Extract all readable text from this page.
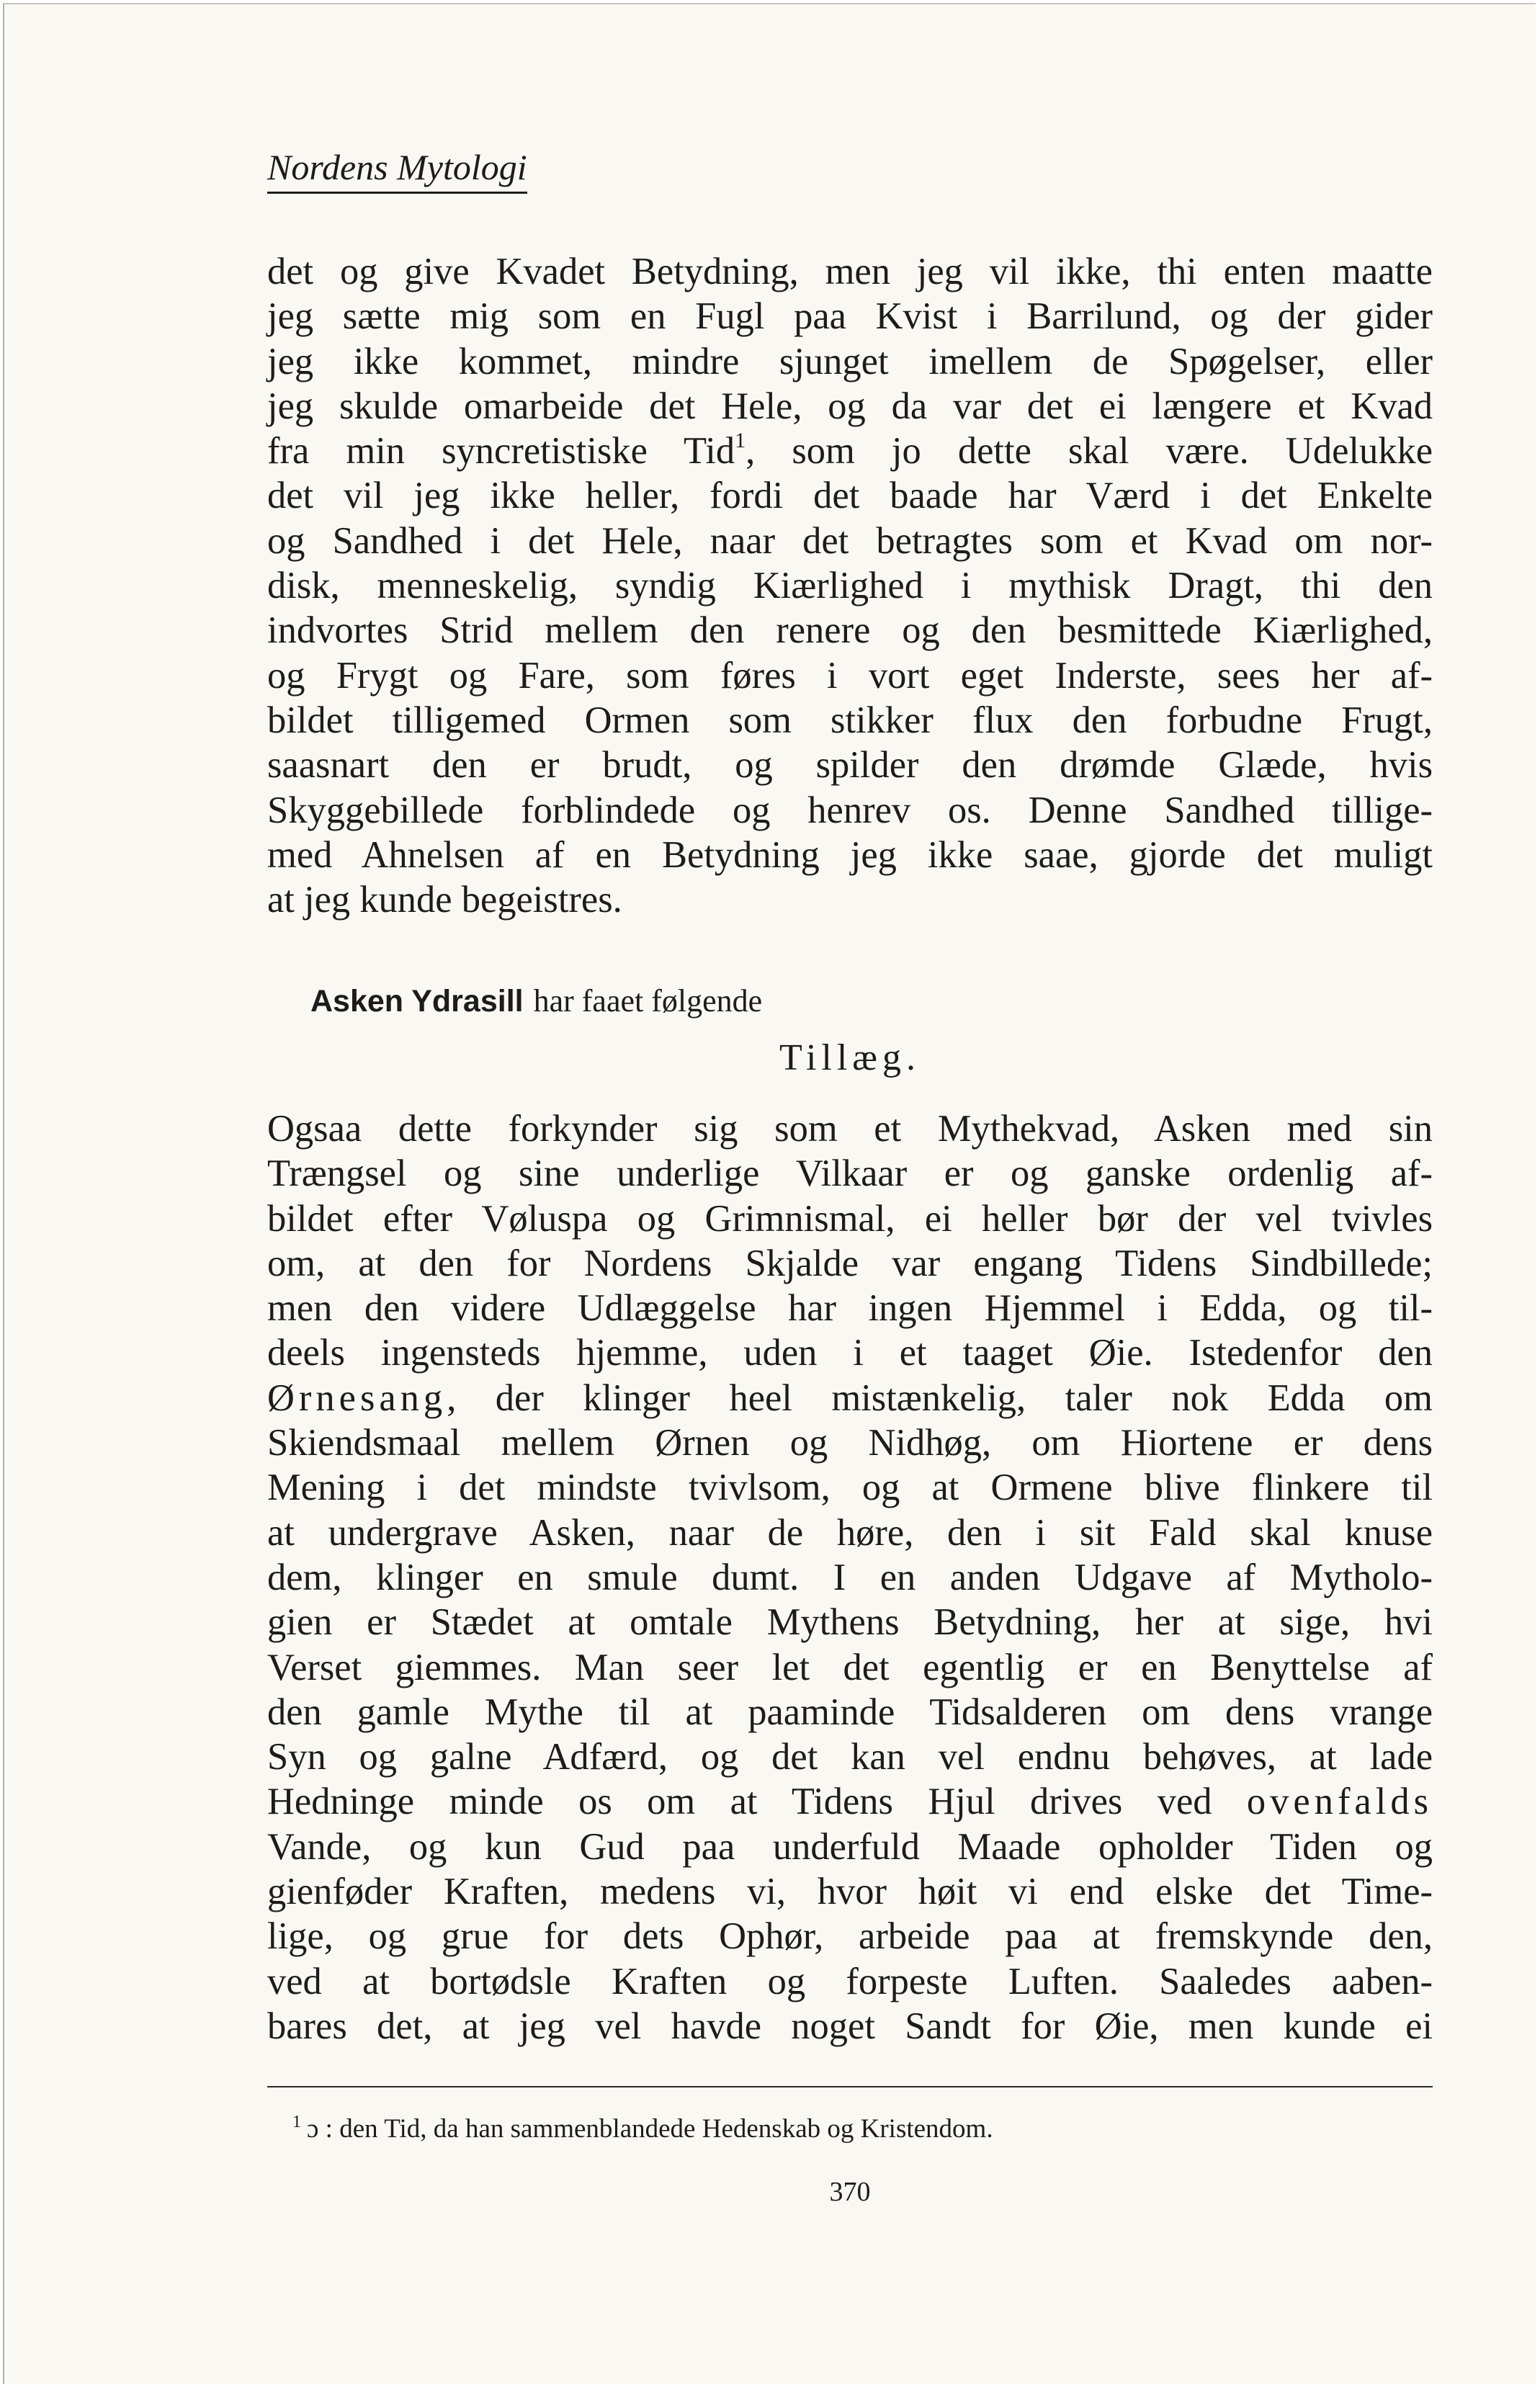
Nordens Mytologi
det og give Kvadet Betydning, men jeg vil ikke, thi enten maatte
jeg sætte mig som en Fugl paa Kvist i Barrilund, og der gider
jeg ikke kommet, mindre sjunget imellem de Spøgelser, eller
jeg skulde omarbeide det Hele, og da var det ei længere et Kvad
fra min syncretistiske Tid$^1$, som jo dette skal være. Udelukke
det vil jeg ikke heller, fordi det baade har Værd i det Enkelte
og Sandhed i det Hele, naar det betragtes som et Kvad om nor-
disk, menneskelig, syndig Kiærlighed i mythisk Dragt, thi den
indvortes Strid mellem den renere og den besmittede Kiærlighed,
og Frygt og Fare, som føres i vort eget Inderste, sees her af-
bildet tilligemed Ormen som stikker flux den forbudne Frugt,
saasnart den er brudt, og spilder den drømde Glæde, hvis
Skyggebillede forblindede og henrev os. Denne Sandhed tillige-
med Ahnelsen af en Betydning jeg ikke saae, gjorde det muligt
at jeg kunde begeistres.
Asken Ydrasill har faaet følgende
Tillæg.
Ogsaa dette forkynder sig som et Mythekvad, Asken med sin
Trængsel og sine underlige Vilkaar er og ganske ordenlig af-
bildet efter Vøluspa og Grimnismal, ei heller bør der vel tvivles
om, at den for Nordens Skjalde var engang Tidens Sindbillede;
men den videre Udlæggelse har ingen Hjemmel i Edda, og til-
deels ingensteds hjemme, uden i et taaget Øie. Istedenfor den
Ørnesang, der klinger heel mistænkelig, taler nok Edda om
Skiendsmaal mellem Ørnen og Nidhøg, om Hiortene er dens
Mening i det mindste tvivlsom, og at Ormene blive flinkere til
at undergrave Asken, naar de høre, den i sit Fald skal knuse
dem, klinger en smule dumt. I en anden Udgave af Mytholo-
gien er Stædet at omtale Mythens Betydning, her at sige, hvi
Verset giemmes. Man seer let det egentlig er en Benyttelse af
den gamle Mythe til at paaminde Tidsalderen om dens vrange
Syn og galne Adfærd, og det kan vel endnu behøves, at lade
Hedninge minde os om at Tidens Hjul drives ved ovenfalds
Vande, og kun Gud paa underfuld Maade opholder Tiden og
gienføder Kraften, medens vi, hvor høit vi end elske det Time-
lige, og grue for dets Ophør, arbeide paa at fremskynde den,
ved at bortødsle Kraften og forpeste Luften. Saaledes aaben-
bares det, at jeg vel havde noget Sandt for Øie, men kunde ei

$^1$ ɔ : den Tid, da han sammenblandede Hedenskab og Kristendom.

370
